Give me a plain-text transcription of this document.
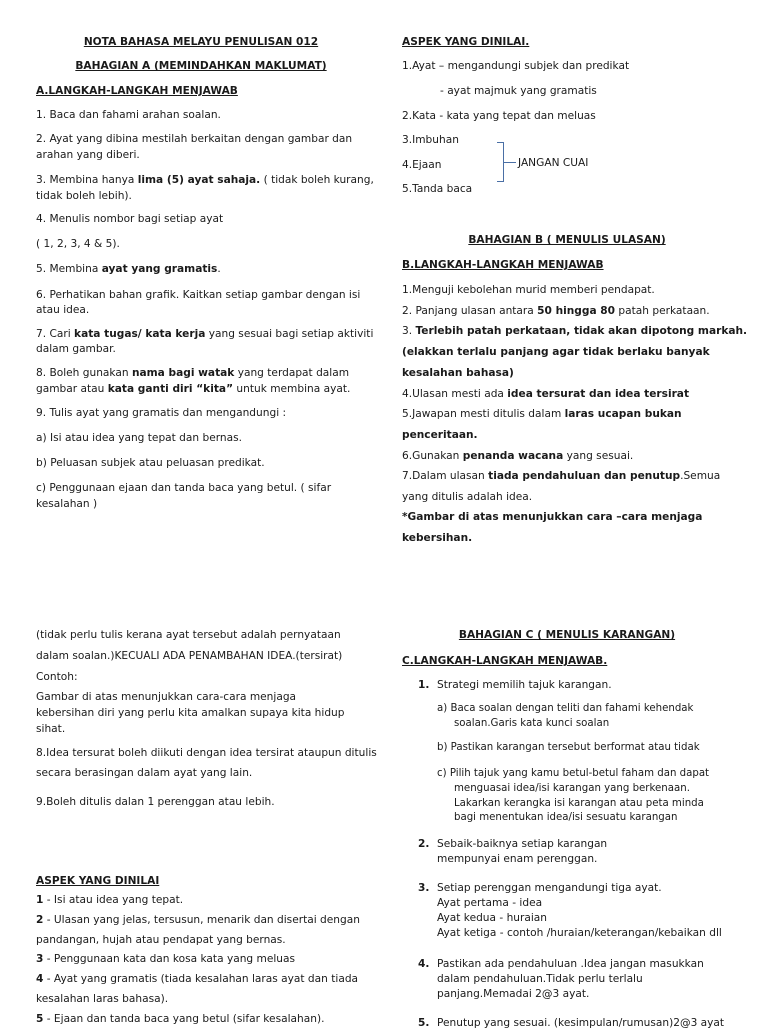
NOTA BAHASA MELAYU PENULISAN 012
BAHAGIAN A (MEMINDAHKAN MAKLUMAT)
A.LANGKAH-LANGKAH MENJAWAB
1. Baca dan fahami arahan soalan.
2. Ayat yang dibina mestilah berkaitan dengan gambar dan
arahan yang diberi.
3. Membina hanya lima (5) ayat sahaja. ( tidak boleh kurang,
tidak boleh lebih).
4. Menulis nombor bagi setiap ayat
( 1, 2, 3, 4 & 5).
5. Membina ayat yang gramatis.
6. Perhatikan bahan grafik. Kaitkan setiap gambar dengan isi
atau idea.
7. Cari kata tugas/ kata kerja yang sesuai bagi setiap aktiviti
dalam gambar.
8. Boleh gunakan nama bagi watak yang terdapat dalam
gambar atau kata ganti diri “kita” untuk membina ayat.
9. Tulis ayat yang gramatis dan mengandungi :
a) Isi atau idea yang tepat dan bernas.
b) Peluasan subjek atau peluasan predikat.
c) Penggunaan ejaan dan tanda baca yang betul. ( sifar
kesalahan )
ASPEK YANG DINILAI.
1.Ayat – mengandungi subjek dan predikat
- ayat majmuk yang gramatis
2.Kata - kata yang tepat dan meluas
3.Imbuhan
4.Ejaan
5.Tanda baca
JANGAN CUAI
BAHAGIAN B ( MENULIS ULASAN)
B.LANGKAH-LANGKAH MENJAWAB
1.Menguji kebolehan murid memberi pendapat.
2. Panjang ulasan antara 50 hingga 80 patah perkataan.
3. Terlebih patah perkataan, tidak akan dipotong markah.
(elakkan terlalu panjang agar tidak berlaku banyak
kesalahan bahasa)
4.Ulasan mesti ada idea tersurat dan idea tersirat
5.Jawapan mesti ditulis dalam laras ucapan bukan
penceritaan.
6.Gunakan penanda wacana yang sesuai.
7.Dalam ulasan tiada pendahuluan dan penutup.Semua
yang ditulis adalah idea.
*Gambar di atas menunjukkan cara –cara menjaga
kebersihan.
(tidak perlu tulis kerana ayat tersebut adalah pernyataan
dalam soalan.)KECUALI ADA PENAMBAHAN IDEA.(tersirat)
Contoh:
Gambar di atas menunjukkan cara-cara menjaga
kebersihan diri yang perlu kita amalkan supaya kita hidup
sihat.
8.Idea tersurat boleh diikuti dengan idea tersirat ataupun ditulis
secara berasingan dalam ayat yang lain.
9.Boleh ditulis dalan 1 perenggan atau lebih.
ASPEK YANG DINILAI
1 - Isi atau idea yang tepat.
2 - Ulasan yang jelas, tersusun, menarik dan disertai dengan
pandangan, hujah atau pendapat yang bernas.
3 - Penggunaan kata dan kosa kata yang meluas
4 - Ayat yang gramatis (tiada kesalahan laras ayat dan tiada
kesalahan laras bahasa).
5 - Ejaan dan tanda baca yang betul (sifar kesalahan).
BAHAGIAN C ( MENULIS KARANGAN)
C.LANGKAH-LANGKAH MENJAWAB.
1. Strategi memilih tajuk karangan.
a) Baca soalan dengan teliti dan fahami kehendak
soalan.Garis kata kunci soalan
b) Pastikan karangan tersebut berformat atau tidak
c) Pilih tajuk yang kamu betul-betul faham dan dapat
menguasai idea/isi karangan yang berkenaan.
Lakarkan kerangka isi karangan atau peta minda
bagi menentukan idea/isi sesuatu karangan
2. Sebaik-baiknya setiap karangan
mempunyai enam perenggan.
3. Setiap perenggan mengandungi tiga ayat.
Ayat pertama - idea
Ayat kedua - huraian
Ayat ketiga - contoh /huraian/keterangan/kebaikan dll
4. Pastikan ada pendahuluan .Idea jangan masukkan
dalam pendahuluan.Tidak perlu terlalu
panjang.Memadai 2@3 ayat.
5. Penutup yang sesuai. (kesimpulan/rumusan)2@3 ayat
